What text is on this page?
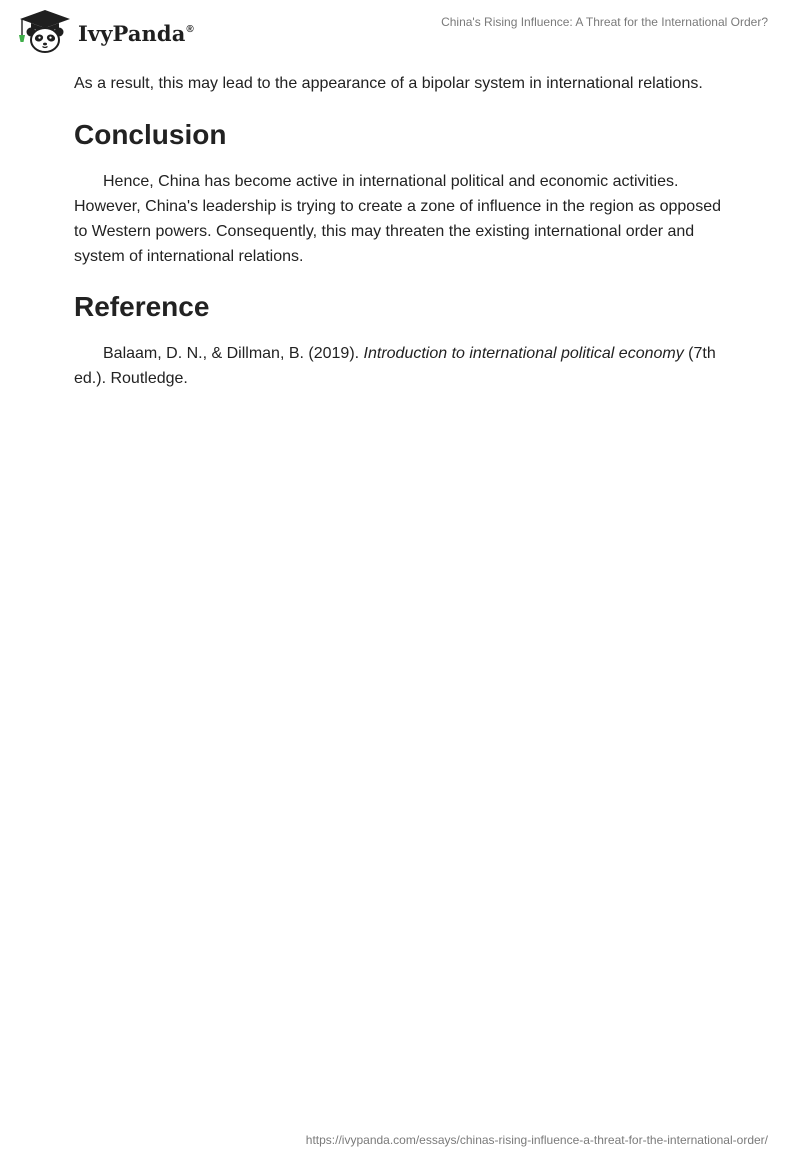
IvyPanda®	China's Rising Influence: A Threat for the International Order?

As a result, this may lead to the appearance of a bipolar system in international relations.

Conclusion

Hence, China has become active in international political and economic activities. However, China's leadership is trying to create a zone of influence in the region as opposed to Western powers. Consequently, this may threaten the existing international order and system of international relations.

Reference

Balaam, D. N., & Dillman, B. (2019). Introduction to international political economy (7th ed.). Routledge.

https://ivypanda.com/essays/chinas-rising-influence-a-threat-for-the-international-order/
